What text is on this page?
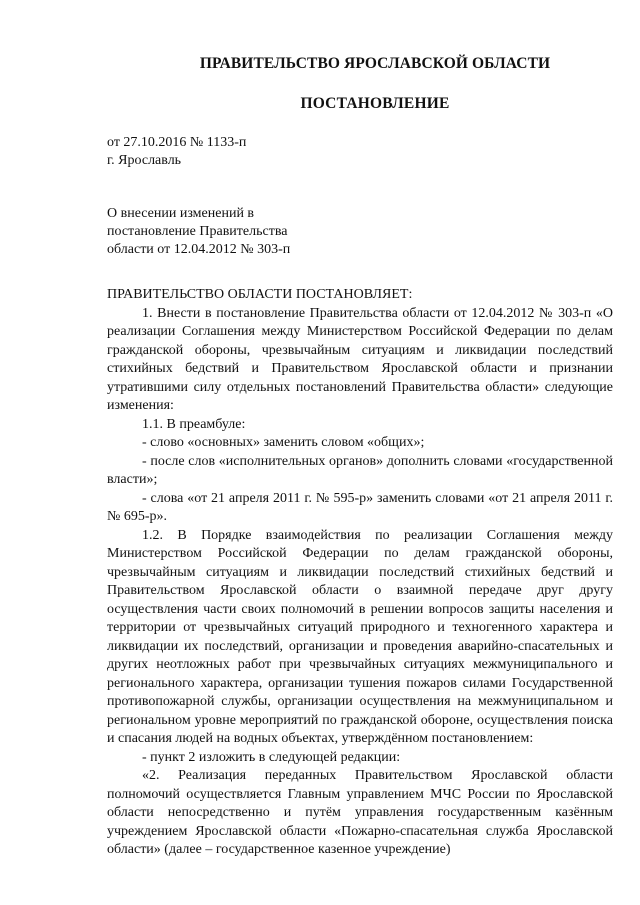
ПРАВИТЕЛЬСТВО ЯРОСЛАВСКОЙ ОБЛАСТИ
ПОСТАНОВЛЕНИЕ
от 27.10.2016 № 1133-п
г. Ярославль
О внесении изменений в
постановление Правительства
области от 12.04.2012 № 303-п

ПРАВИТЕЛЬСТВО ОБЛАСТИ ПОСТАНОВЛЯЕТ:

1. Внести в постановление Правительства области от 12.04.2012 № 303-п «О реализации Соглашения между Министерством Российской Федерации по делам гражданской обороны, чрезвычайным ситуациям и ликвидации последствий стихийных бедствий и Правительством Ярославской области и признании утратившими силу отдельных постановлений Правительства области» следующие изменения:

1.1. В преамбуле:

- слово «основных» заменить словом «общих»;

- после слов «исполнительных органов» дополнить словами «государственной власти»;

- слова «от 21 апреля 2011 г. № 595-р» заменить словами «от 21 апреля 2011 г. № 695-р».

1.2. В Порядке взаимодействия по реализации Соглашения между Министерством Российской Федерации по делам гражданской обороны, чрезвычайным ситуациям и ликвидации последствий стихийных бедствий и Правительством Ярославской области о взаимной передаче друг другу осуществления части своих полномочий в решении вопросов защиты населения и территории от чрезвычайных ситуаций природного и техногенного характера и ликвидации их последствий, организации и проведения аварийно-спасательных и других неотложных работ при чрезвычайных ситуациях межмуниципального и регионального характера, организации тушения пожаров силами Государственной противопожарной службы, организации осуществления на межмуниципальном и региональном уровне мероприятий по гражданской обороне, осуществления поиска и спасания людей на водных объектах, утверждённом постановлением:

- пункт 2 изложить в следующей редакции:

«2. Реализация переданных Правительством Ярославской области полномочий осуществляется Главным управлением МЧС России по Ярославской области непосредственно и путём управления государственным казённым учреждением Ярославской области «Пожарно-спасательная служба Ярославской области» (далее – государственное казенное учреждение)
